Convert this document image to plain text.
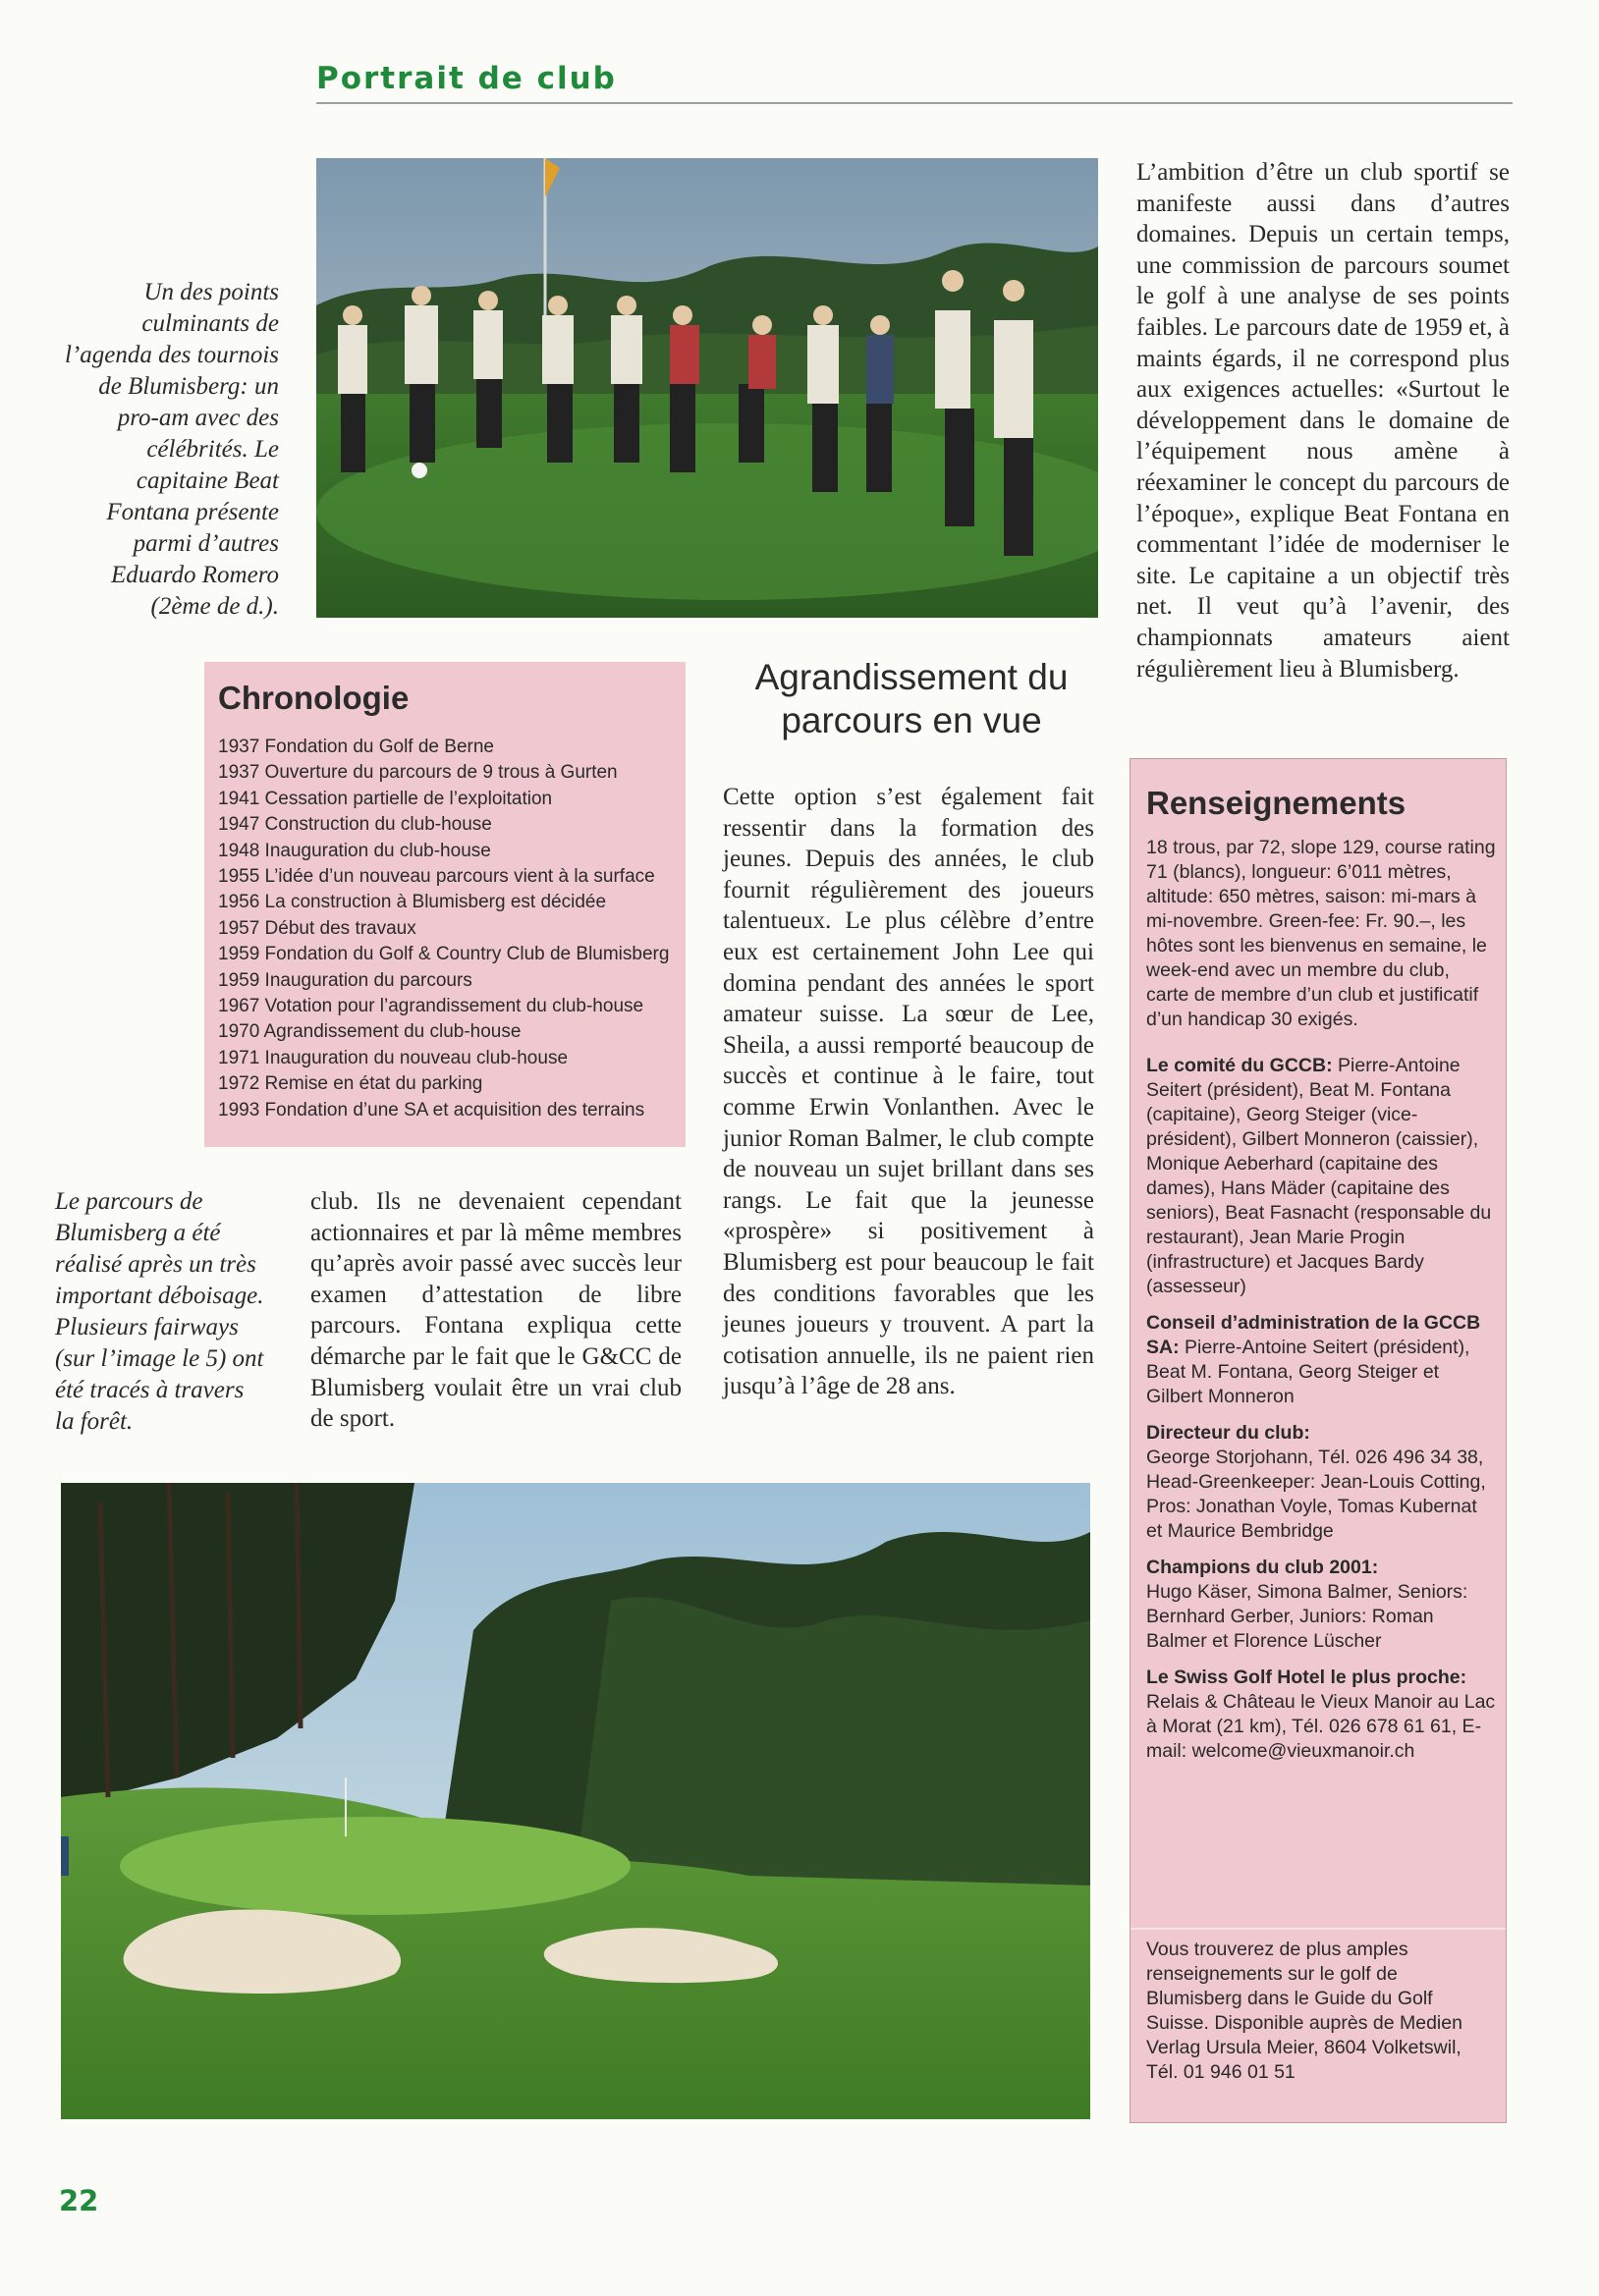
Portrait de club
Un des points culminants de l’agenda des tournois de Blumisberg: un pro-am avec des célébrités. Le capitaine Beat Fontana présente parmi d’autres Eduardo Romero (2ème de d.).
L’ambition d’être un club sportif se manifeste aussi dans d’autres domaines. Depuis un certain temps, une commission de parcours soumet le golf à une analyse de ses points faibles. Le parcours date de 1959 et, à maints égards, il ne correspond plus aux exigences actuelles: «Surtout le développement dans le domaine de l’équipement nous amène à réexaminer le concept du parcours de l’époque», explique Beat Fontana en commentant l’idée de moderniser le site. Le capitaine a un objectif très net. Il veut qu’à l’avenir, des championnats amateurs aient régulièrement lieu à Blumisberg.
Chronologie
1937 Fondation du Golf de Berne
1937 Ouverture du parcours de 9 trous à Gurten
1941 Cessation partielle de l’exploitation
1947 Construction du club-house
1948 Inauguration du club-house
1955 L’idée d’un nouveau parcours vient à la surface
1956 La construction à Blumisberg est décidée
1957 Début des travaux
1959 Fondation du Golf & Country Club de Blumisberg
1959 Inauguration du parcours
1967 Votation pour l’agrandissement du club-house
1970 Agrandissement du club-house
1971 Inauguration du nouveau club-house
1972 Remise en état du parking
1993 Fondation d’une SA et acquisition des terrains
Agrandissement du parcours en vue
Cette option s’est également fait ressentir dans la formation des jeunes. Depuis des années, le club fournit régulièrement des joueurs talentueux. Le plus célèbre d’entre eux est certainement John Lee qui domina pendant des années le sport amateur suisse. La sœur de Lee, Sheila, a aussi remporté beaucoup de succès et continue à le faire, tout comme Erwin Vonlanthen. Avec le junior Roman Balmer, le club compte de nouveau un sujet brillant dans ses rangs. Le fait que la jeunesse «prospère» si positivement à Blumisberg est pour beaucoup le fait des conditions favorables que les jeunes joueurs y trouvent. A part la cotisation annuelle, ils ne paient rien jusqu’à l’âge de 28 ans.
Le parcours de Blumisberg a été réalisé après un très important déboisage. Plusieurs fairways (sur l’image le 5) ont été tracés à travers la forêt.
club. Ils ne devenaient cependant actionnaires et par là même membres qu’après avoir passé avec succès leur examen d’attestation de libre parcours. Fontana expliqua cette démarche par le fait que le G&CC de Blumisberg voulait être un vrai club de sport.
Renseignements

18 trous, par 72, slope 129, course rating 71 (blancs), longueur: 6’011 mètres, altitude: 650 mètres, saison: mi-mars à mi-novembre. Green-fee: Fr. 90.–, les hôtes sont les bienvenus en semaine, le week-end avec un membre du club, carte de membre d’un club et justificatif d’un handicap 30 exigés.

Le comité du GCCB: Pierre-Antoine Seitert (président), Beat M. Fontana (capitaine), Georg Steiger (vice-président), Gilbert Monneron (caissier), Monique Aeberhard (capitaine des dames), Hans Mäder (capitaine des seniors), Beat Fasnacht (responsable du restaurant), Jean Marie Progin (infrastructure) et Jacques Bardy (assesseur)

Conseil d’administration de la GCCB SA: Pierre-Antoine Seitert (président), Beat M. Fontana, Georg Steiger et Gilbert Monneron

Directeur du club:
George Storjohann, Tél. 026 496 34 38, Head-Greenkeeper: Jean-Louis Cotting, Pros: Jonathan Voyle, Tomas Kubernat et Maurice Bembridge

Champions du club 2001:
Hugo Käser, Simona Balmer, Seniors: Bernhard Gerber, Juniors: Roman Balmer et Florence Lüscher

Le Swiss Golf Hotel le plus proche:
Relais & Château le Vieux Manoir au Lac à Morat (21 km), Tél. 026 678 61 61, E-mail: welcome@vieuxmanoir.ch

Vous trouverez de plus amples renseignements sur le golf de Blumisberg dans le Guide du Golf Suisse. Disponible auprès de Medien Verlag Ursula Meier, 8604 Volketswil, Tél. 01 946 01 51
22
